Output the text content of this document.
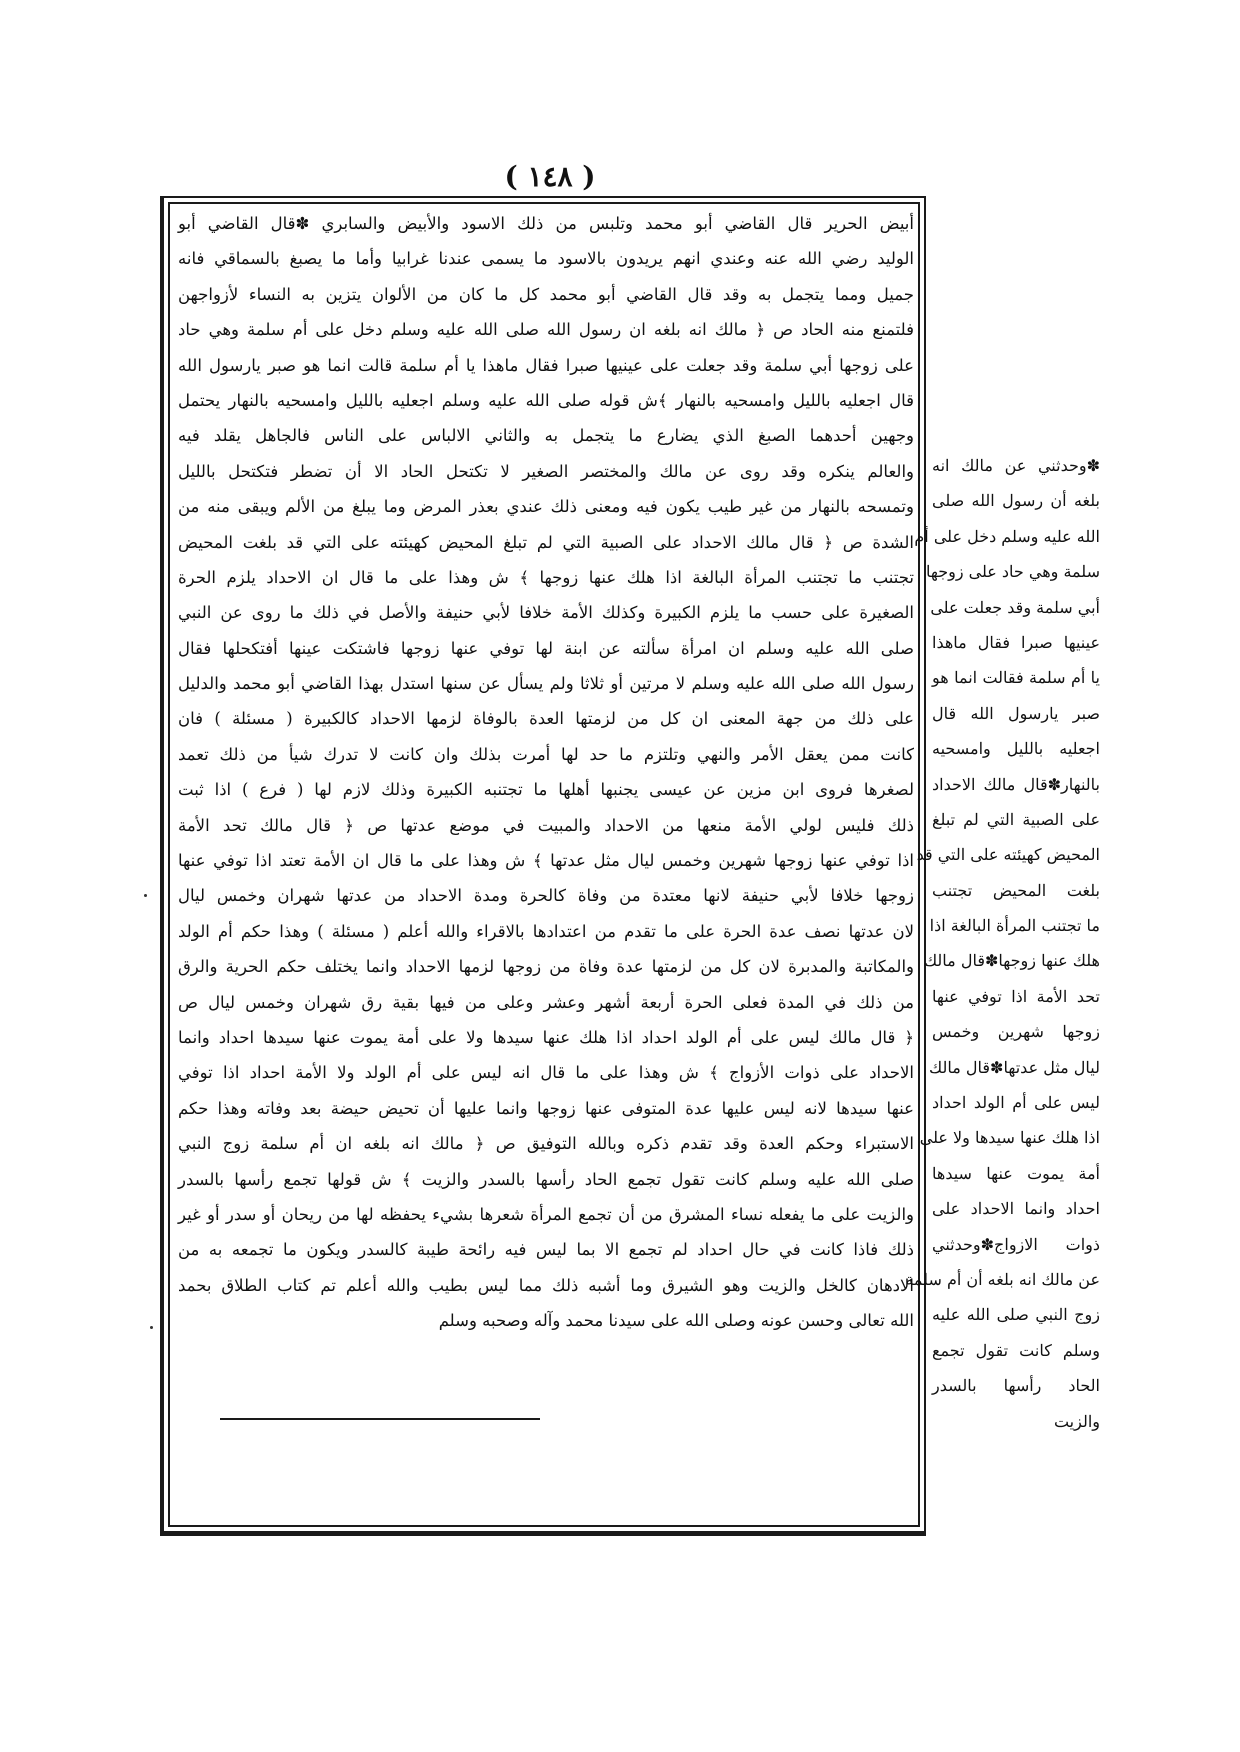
( ١٤٨ )
أبيض الحرير قال القاضي أبو محمد وتلبس من ذلك الاسود والأبيض والسابري ✽قال القاضي أبو
الوليد رضي الله عنه وعندي انهم يريدون بالاسود ما يسمى عندنا غرابيا وأما ما يصبغ بالسماقي فانه
جميل ومما يتجمل به وقد قال القاضي أبو محمد كل ما كان من الألوان يتزين به النساء لأزواجهن
فلتمنع منه الحاد ص ﴿ مالك انه بلغه ان رسول الله صلى الله عليه وسلم دخل على أم سلمة وهي حاد
على زوجها أبي سلمة وقد جعلت على عينيها صبرا فقال ماهذا يا أم سلمة قالت انما هو صبر يارسول الله
قال اجعليه بالليل وامسحيه بالنهار ﴾ش قوله صلى الله عليه وسلم اجعليه بالليل وامسحيه بالنهار يحتمل
وجهين أحدهما الصبغ الذي يضارع ما يتجمل به والثاني الالباس على الناس فالجاهل يقلد فيه
والعالم ينكره وقد روى عن مالك والمختصر الصغير لا تكتحل الحاد الا أن تضطر فتكتحل بالليل
وتمسحه بالنهار من غير طيب يكون فيه ومعنى ذلك عندي بعذر المرض وما يبلغ من الألم ويبقى منه من
الشدة ص ﴿ قال مالك الاحداد على الصبية التي لم تبلغ المحيض كهيئته على التي قد بلغت المحيض
تجتنب ما تجتنب المرأة البالغة اذا هلك عنها زوجها ﴾ ش وهذا على ما قال ان الاحداد يلزم الحرة
الصغيرة على حسب ما يلزم الكبيرة وكذلك الأمة خلافا لأبي حنيفة والأصل في ذلك ما روى عن النبي
صلى الله عليه وسلم ان امرأة سألته عن ابنة لها توفي عنها زوجها فاشتكت عينها أفتكحلها فقال
رسول الله صلى الله عليه وسلم لا مرتين أو ثلاثا ولم يسأل عن سنها استدل بهذا القاضي أبو محمد والدليل
على ذلك من جهة المعنى ان كل من لزمتها العدة بالوفاة لزمها الاحداد كالكبيرة ( مسئلة ) فان
كانت ممن يعقل الأمر والنهي وتلتزم ما حد لها أمرت بذلك وان كانت لا تدرك شيأ من ذلك تعمد
لصغرها فروى ابن مزين عن عيسى يجنبها أهلها ما تجتنبه الكبيرة وذلك لازم لها ( فرع ) اذا ثبت
ذلك فليس لولي الأمة منعها من الاحداد والمبيت في موضع عدتها ص ﴿ قال مالك تحد الأمة
اذا توفي عنها زوجها شهرين وخمس ليال مثل عدتها ﴾ ش وهذا على ما قال ان الأمة تعتد اذا توفي عنها
زوجها خلافا لأبي حنيفة لانها معتدة من وفاة كالحرة ومدة الاحداد من عدتها شهران وخمس ليال
لان عدتها نصف عدة الحرة على ما تقدم من اعتدادها بالاقراء والله أعلم ( مسئلة ) وهذا حكم أم الولد
والمكاتبة والمدبرة لان كل من لزمتها عدة وفاة من زوجها لزمها الاحداد وانما يختلف حكم الحرية والرق
من ذلك في المدة فعلى الحرة أربعة أشهر وعشر وعلى من فيها بقية رق شهران وخمس ليال ص
﴿ قال مالك ليس على أم الولد احداد اذا هلك عنها سيدها ولا على أمة يموت عنها سيدها احداد وانما
الاحداد على ذوات الأزواج ﴾ ش وهذا على ما قال انه ليس على أم الولد ولا الأمة احداد اذا توفي
عنها سيدها لانه ليس عليها عدة المتوفى عنها زوجها وانما عليها أن تحيض حيضة بعد وفاته وهذا حكم
الاستبراء وحكم العدة وقد تقدم ذكره وبالله التوفيق ص ﴿ مالك انه بلغه ان أم سلمة زوج النبي
صلى الله عليه وسلم كانت تقول تجمع الحاد رأسها بالسدر والزيت ﴾ ش قولها تجمع رأسها بالسدر
والزيت على ما يفعله نساء المشرق من أن تجمع المرأة شعرها بشيء يحفظه لها من ريحان أو سدر أو غير
ذلك فاذا كانت في حال احداد لم تجمع الا بما ليس فيه رائحة طيبة كالسدر ويكون ما تجمعه به من
الادهان كالخل والزيت وهو الشيرق وما أشبه ذلك مما ليس بطيب والله أعلم تم كتاب الطلاق بحمد
الله تعالى وحسن عونه وصلى الله على سيدنا محمد وآله وصحبه وسلم
✽وحدثني عن مالك انه
بلغه أن رسول الله صلى
الله عليه وسلم دخل على أم
سلمة وهي حاد على زوجها
أبي سلمة وقد جعلت على
عينيها صبرا فقال ماهذا
يا أم سلمة فقالت انما هو
صبر يارسول الله قال
اجعليه بالليل وامسحيه
بالنهار✽قال مالك الاحداد
على الصبية التي لم تبلغ
المحيض كهيئته على التي قد
بلغت المحيض تجتنب
ما تجتنب المرأة البالغة اذا
هلك عنها زوجها✽قال مالك
تحد الأمة اذا توفي عنها
زوجها شهرين وخمس
ليال مثل عدتها✽قال مالك
ليس على أم الولد احداد
اذا هلك عنها سيدها ولا على
أمة يموت عنها سيدها
احداد وانما الاحداد على
ذوات الازواج✽وحدثني
عن مالك انه بلغه أن أم سلمة
زوج النبي صلى الله عليه
وسلم كانت تقول تجمع
الحاد رأسها بالسدر
والزيت
